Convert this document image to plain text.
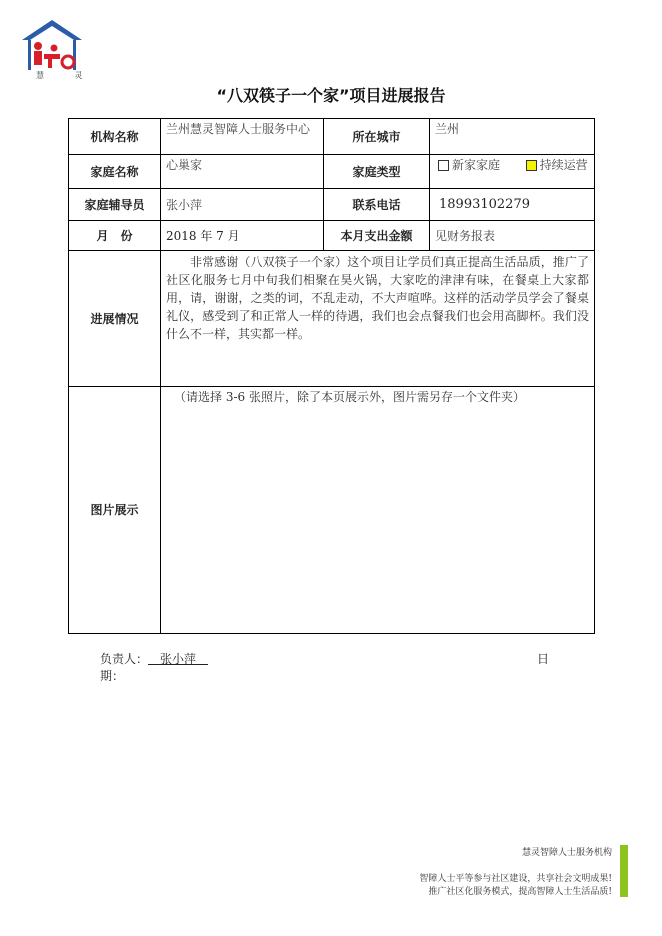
慧 灵
“八双筷子一个家”项目进展报告
机构名称	兰州慧灵智障人士服务中心	所在城市	兰州
家庭名称	心巢家	家庭类型	新家家庭 持续运营
家庭辅导员	张小萍	联系电话	18993102279
月　份	2018 年 7 月	本月支出金额	见财务报表
进展情况	非常感谢（八双筷子一个家）这个项目让学员们真正提高生活品质，推广了社区化服务七月中旬我们相聚在昊火锅，大家吃的津津有味，在餐桌上大家都用，请，谢谢，之类的词，不乱走动，不大声喧哗。这样的活动学员学会了餐桌礼仪，感受到了和正常人一样的待遇，我们也会点餐我们也会用高脚杯。我们没什么不一样，其实都一样。		

图片展示	（请选择 3-6 张照片，除了本页展示外，图片需另存一个文件夹）		
负责人：   张小萍  
期：
日
慧灵智障人士服务机构
智障人士平等参与社区建设，共享社会文明成果!
推广社区化服务模式，提高智障人士生活品质!
